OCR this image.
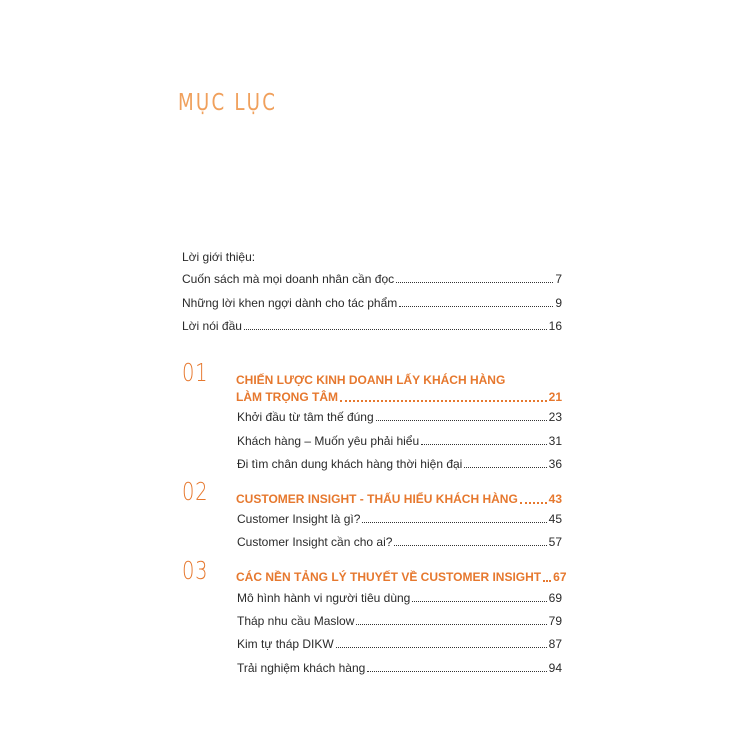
MỤC LỤC
Lời giới thiệu:
Cuốn sách mà mọi doanh nhân cần đọc	7
Những lời khen ngợi dành cho tác phẩm	9
Lời nói đầu	16
01 CHIẾN LƯỢC KINH DOANH LẤY KHÁCH HÀNG
LÀM TRỌNG TÂM	21
Khởi đầu từ tâm thế đúng	23
Khách hàng – Muốn yêu phải hiểu	31
Đi tìm chân dung khách hàng thời hiện đại	36
02 CUSTOMER INSIGHT - THẤU HIỂU KHÁCH HÀNG	43
Customer Insight là gì?	45
Customer Insight cần cho ai?	57
03 CÁC NỀN TẢNG LÝ THUYẾT VỀ CUSTOMER INSIGHT 67
Mô hình hành vi người tiêu dùng	69
Tháp nhu cầu Maslow	79
Kim tự tháp DIKW	87
Trải nghiệm khách hàng	94
